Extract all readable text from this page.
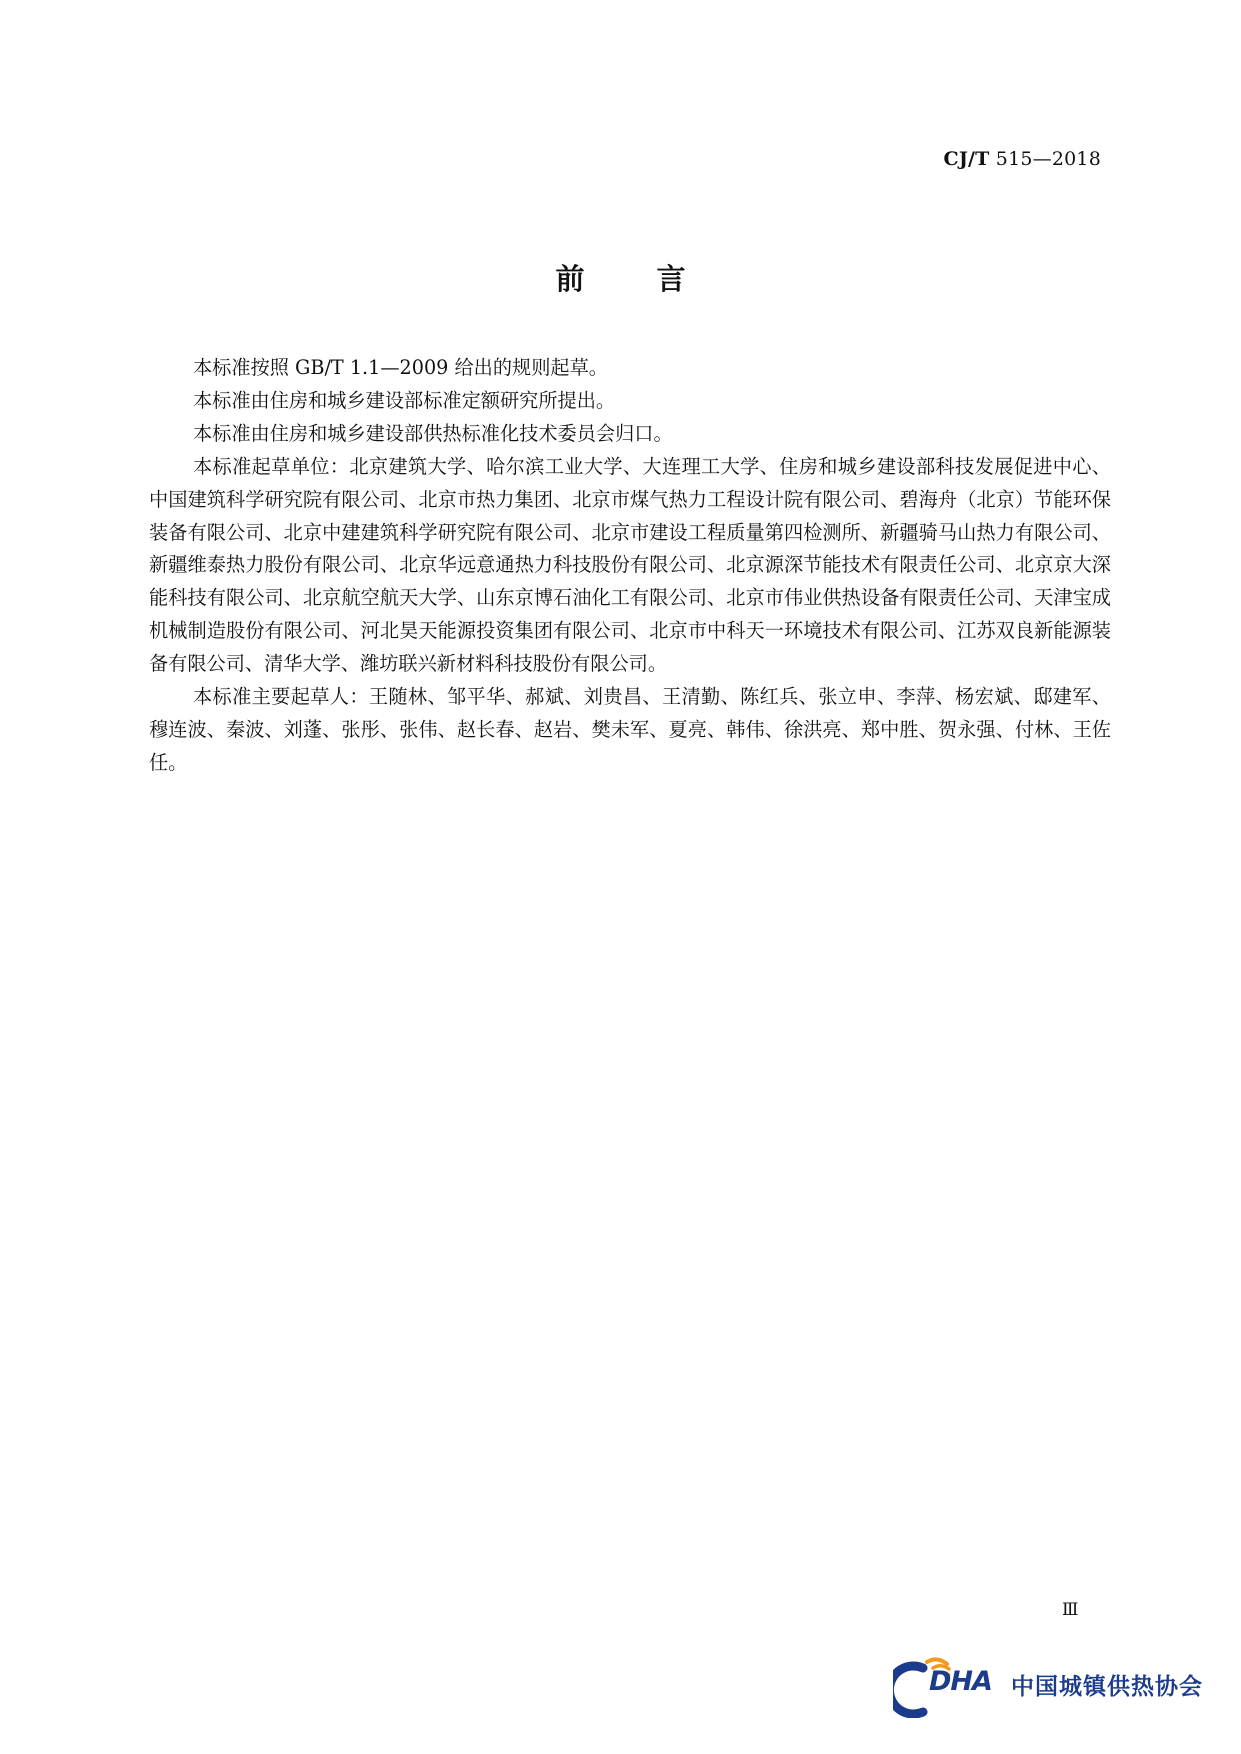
CJ/T 515—2018
前 言

本标准按照 GB/T 1.1—2009 给出的规则起草。

本标准由住房和城乡建设部标准定额研究所提出。

本标准由住房和城乡建设部供热标准化技术委员会归口。

本标准起草单位：北京建筑大学、哈尔滨工业大学、大连理工大学、住房和城乡建设部科技发展促进中心、中国建筑科学研究院有限公司、北京市热力集团、北京市煤气热力工程设计院有限公司、碧海舟（北京）节能环保装备有限公司、北京中建建筑科学研究院有限公司、北京市建设工程质量第四检测所、新疆骑马山热力有限公司、新疆维泰热力股份有限公司、北京华远意通热力科技股份有限公司、北京源深节能技术有限责任公司、北京京大深能科技有限公司、北京航空航天大学、山东京博石油化工有限公司、北京市伟业供热设备有限责任公司、天津宝成机械制造股份有限公司、河北昊天能源投资集团有限公司、北京市中科天一环境技术有限公司、江苏双良新能源装备有限公司、清华大学、潍坊联兴新材料科技股份有限公司。

本标准主要起草人：王随林、邹平华、郝斌、刘贵昌、王清勤、陈红兵、张立申、李萍、杨宏斌、邸建军、穆连波、秦波、刘蓬、张彤、张伟、赵长春、赵岩、樊未军、夏亮、韩伟、徐洪亮、郑中胜、贺永强、付林、王佐任。

Ⅲ
DHA 中国城镇供热协会
